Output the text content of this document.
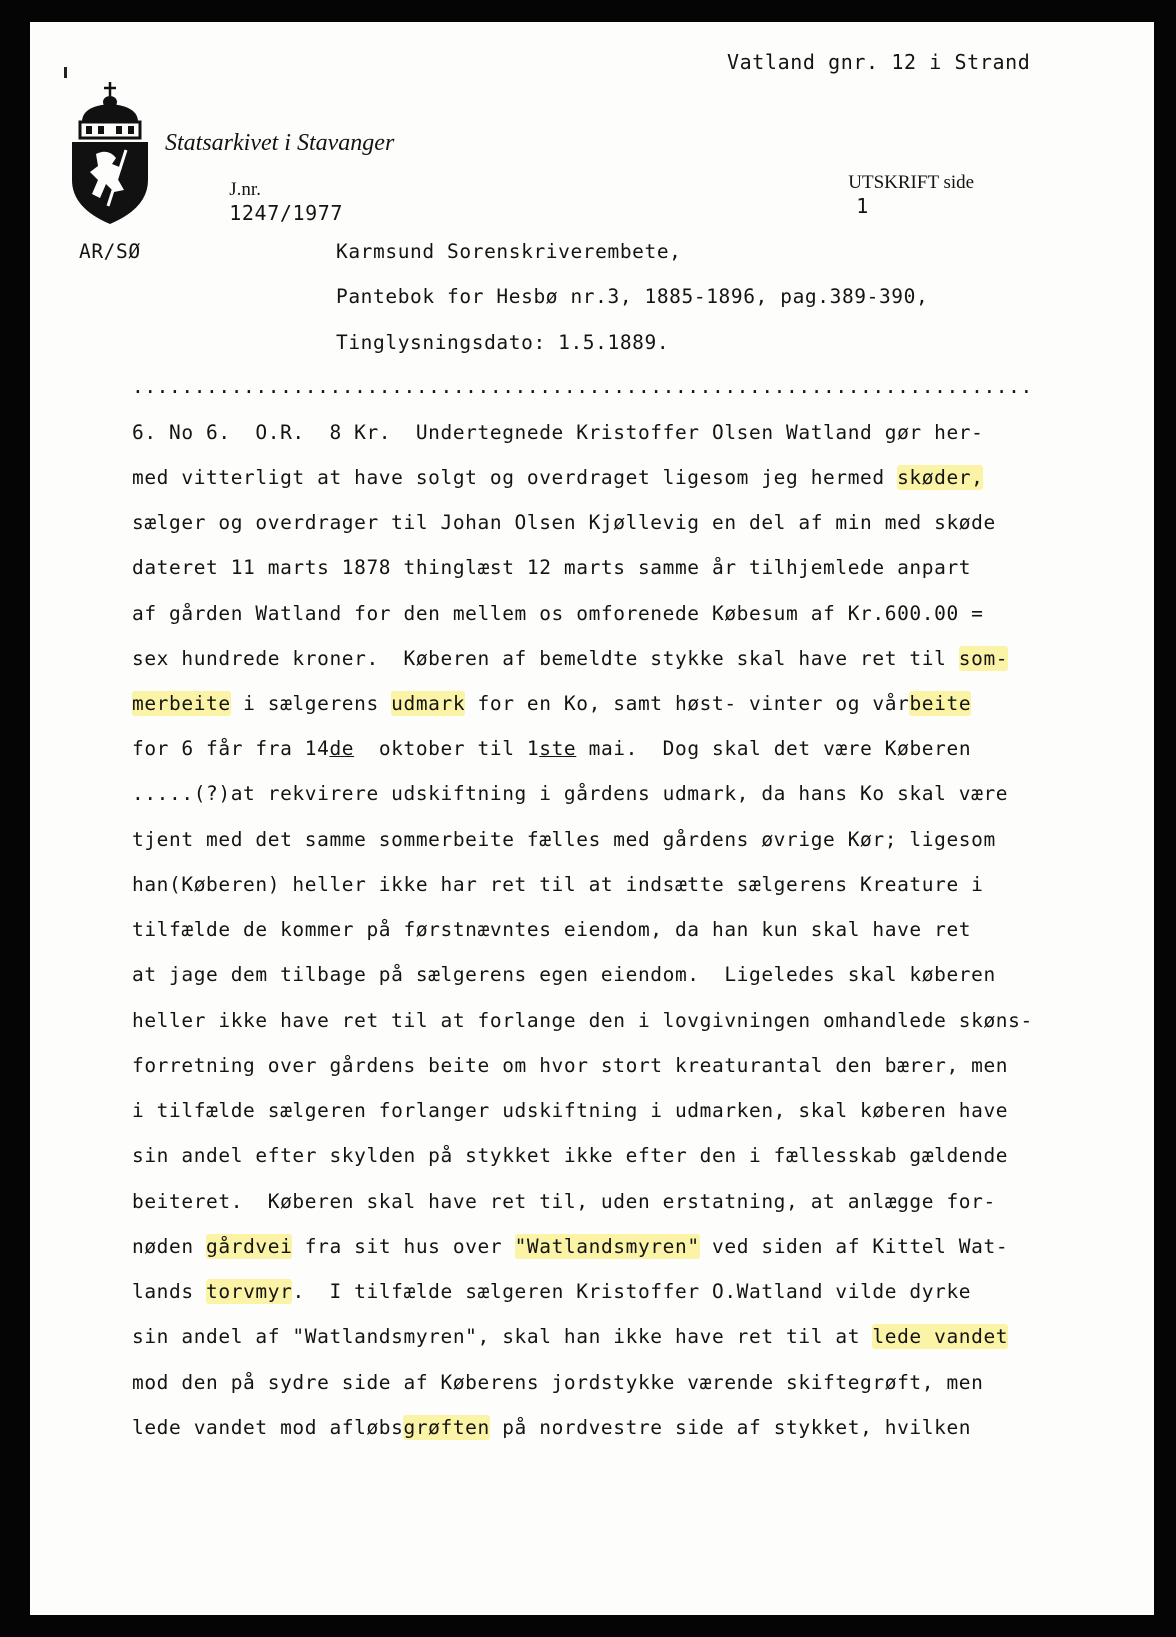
Vatland gnr. 12 i Strand
Statsarkivet i Stavanger

J.nr.
1247/1977

UTSKRIFT side
1

AR/SØ	Karmsund Sorenskriverembete,
Pantebok for Hesbø nr.3, 1885-1896, pag.389-390,
Tinglysningsdato: 1.5.1889.
.........................................................................
6. No 6.  O.R.  8 Kr.  Undertegnede Kristoffer Olsen Watland gør her-
med vitterligt at have solgt og overdraget ligesom jeg hermed skøder,
sælger og overdrager til Johan Olsen Kjøllevig en del af min med skøde
dateret 11 marts 1878 thinglæst 12 marts samme år tilhjemlede anpart
af gården Watland for den mellem os omforenede Købesum af Kr.600.00 =
sex hundrede kroner.  Køberen af bemeldte stykke skal have ret til som-
merbeite i sælgerens udmark for en Ko, samt høst- vinter og vårbeite
for 6 får fra 14de  oktober til 1ste mai.  Dog skal det være Køberen
.....(?)at rekvirere udskiftning i gårdens udmark, da hans Ko skal være
tjent med det samme sommerbeite fælles med gårdens øvrige Kør; ligesom
han(Køberen) heller ikke har ret til at indsætte sælgerens Kreature i
tilfælde de kommer på førstnævntes eiendom, da han kun skal have ret
at jage dem tilbage på sælgerens egen eiendom.  Ligeledes skal køberen
heller ikke have ret til at forlange den i lovgivningen omhandlede skøns-
forretning over gårdens beite om hvor stort kreaturantal den bærer, men
i tilfælde sælgeren forlanger udskiftning i udmarken, skal køberen have
sin andel efter skylden på stykket ikke efter den i fællesskab gældende
beiteret.  Køberen skal have ret til, uden erstatning, at anlægge for-
nøden gårdvei fra sit hus over "Watlandsmyren" ved siden af Kittel Wat-
lands torvmyr.  I tilfælde sælgeren Kristoffer O.Watland vilde dyrke
sin andel af "Watlandsmyren", skal han ikke have ret til at lede vandet
mod den på sydre side af Køberens jordstykke værende skiftegrøft, men
lede vandet mod afløbsgrøften på nordvestre side af stykket, hvilken
